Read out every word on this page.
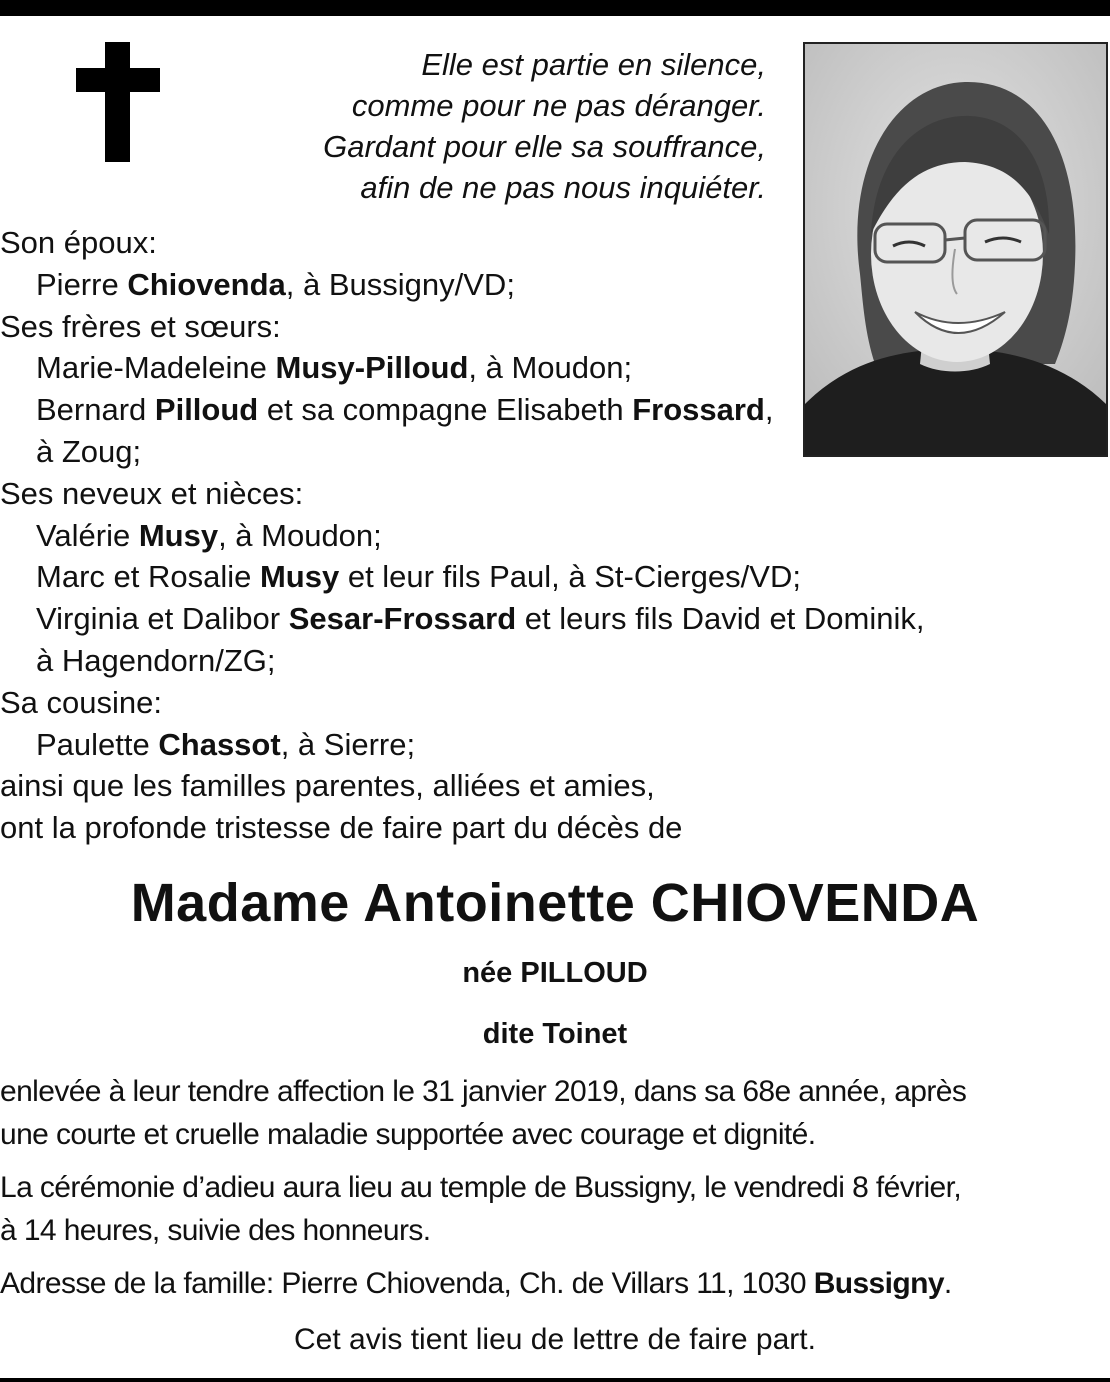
Elle est partie en silence,
comme pour ne pas déranger.
Gardant pour elle sa souffrance,
afin de ne pas nous inquiéter.
Son époux:
Pierre Chiovenda, à Bussigny/VD;
Ses frères et sœurs:
Marie-Madeleine Musy-Pilloud, à Moudon;
Bernard Pilloud et sa compagne Elisabeth Frossard,
à Zoug;
Ses neveux et nièces:
Valérie Musy, à Moudon;
Marc et Rosalie Musy et leur fils Paul, à St-Cierges/VD;
Virginia et Dalibor Sesar-Frossard et leurs fils David et Dominik,
à Hagendorn/ZG;
Sa cousine:
Paulette Chassot, à Sierre;
ainsi que les familles parentes, alliées et amies,
ont la profonde tristesse de faire part du décès de
Madame Antoinette CHIOVENDA
née PILLOUD
dite Toinet
enlevée à leur tendre affection le 31 janvier 2019, dans sa 68e année, après
une courte et cruelle maladie supportée avec courage et dignité.
La cérémonie d’adieu aura lieu au temple de Bussigny, le vendredi 8 février,
à 14 heures, suivie des honneurs.
Adresse de la famille: Pierre Chiovenda, Ch. de Villars 11, 1030 Bussigny.
Cet avis tient lieu de lettre de faire part.
